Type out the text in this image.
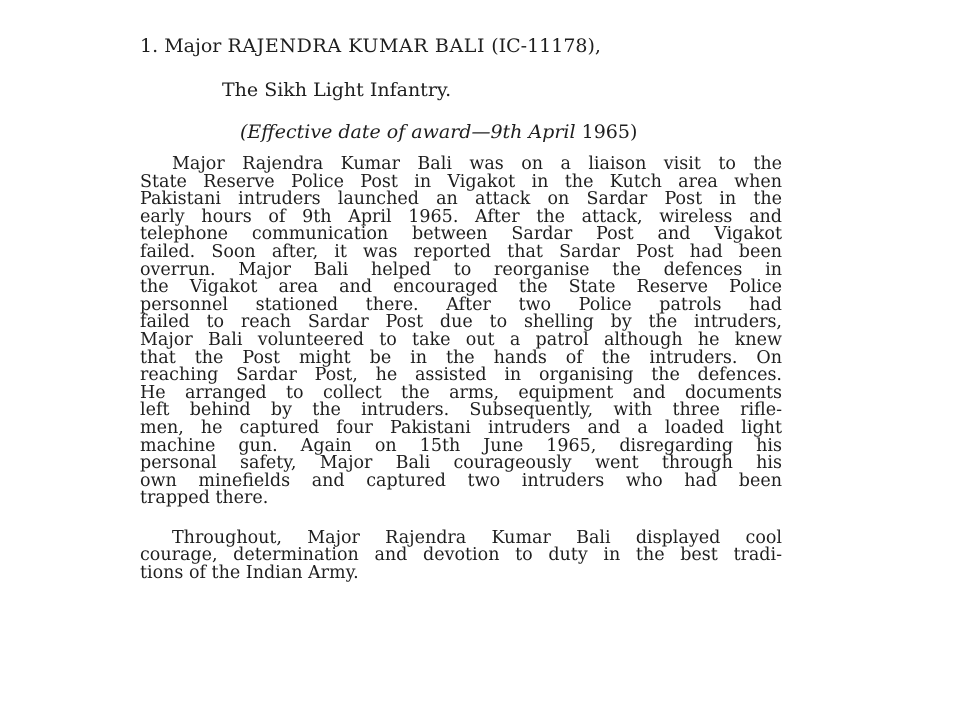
1. Major RAJENDRA KUMAR BALI (IC-11178),
The Sikh Light Infantry.
(Effective date of award—9th April 1965)
Major Rajendra Kumar Bali was on a liaison visit to the
State Reserve Police Post in Vigakot in the Kutch area when
Pakistani intruders launched an attack on Sardar Post in the
early hours of 9th April 1965. After the attack, wireless and
telephone communication between Sardar Post and Vigakot
failed. Soon after, it was reported that Sardar Post had been
overrun. Major Bali helped to reorganise the defences in
the Vigakot area and encouraged the State Reserve Police
personnel stationed there. After two Police patrols had
failed to reach Sardar Post due to shelling by the intruders,
Major Bali volunteered to take out a patrol although he knew
that the Post might be in the hands of the intruders. On
reaching Sardar Post, he assisted in organising the defences.
He arranged to collect the arms, equipment and documents
left behind by the intruders. Subsequently, with three rifle-
men, he captured four Pakistani intruders and a loaded light
machine gun. Again on 15th June 1965, disregarding his
personal safety, Major Bali courageously went through his
own minefields and captured two intruders who had been
trapped there.
Throughout, Major Rajendra Kumar Bali displayed cool
courage, determination and devotion to duty in the best tradi-
tions of the Indian Army.
